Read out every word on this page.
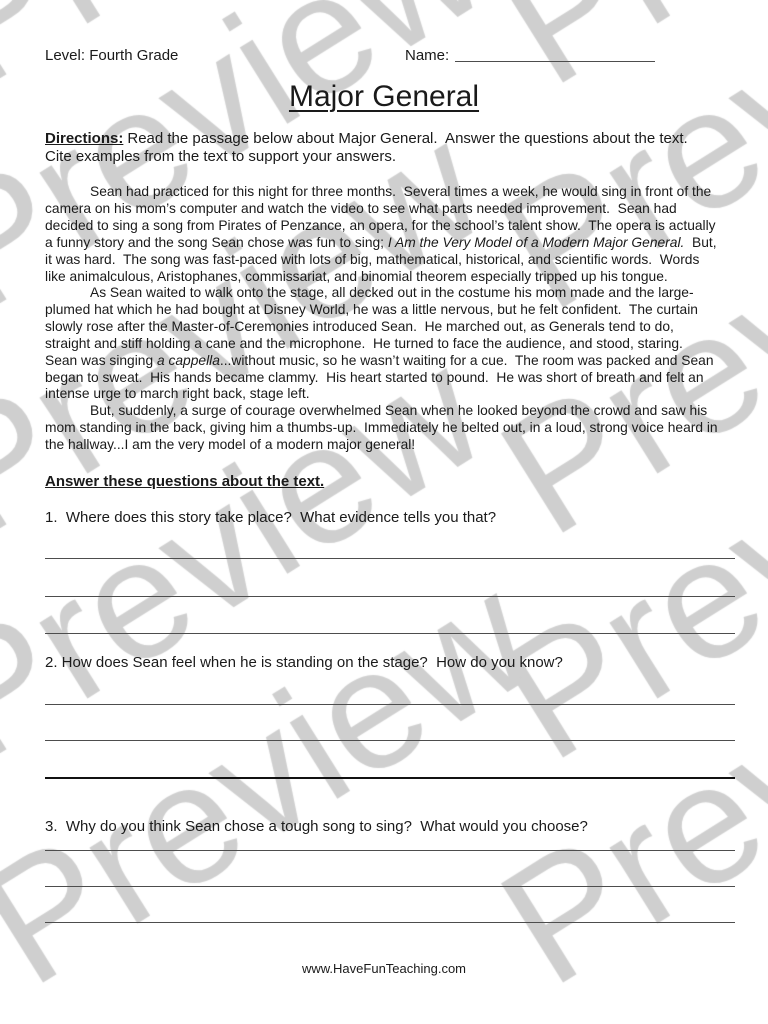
Level: Fourth Grade	Name:
Major General
Directions: Read the passage below about Major General.  Answer the questions about the text.
Cite examples from the text to support your answers.
Sean had practiced for this night for three months.  Several times a week, he would sing in front of the
camera on his mom’s computer and watch the video to see what parts needed improvement.  Sean had
decided to sing a song from Pirates of Penzance, an opera, for the school’s talent show.  The opera is actually
a funny story and the song Sean chose was fun to sing; I Am the Very Model of a Modern Major General.  But,
it was hard.  The song was fast-paced with lots of big, mathematical, historical, and scientific words.  Words
like animalculous, Aristophanes, commissariat, and binomial theorem especially tripped up his tongue.
As Sean waited to walk onto the stage, all decked out in the costume his mom made and the large-
plumed hat which he had bought at Disney World, he was a little nervous, but he felt confident.  The curtain
slowly rose after the Master-of-Ceremonies introduced Sean.  He marched out, as Generals tend to do,
straight and stiff holding a cane and the microphone.  He turned to face the audience, and stood, staring.
Sean was singing a cappella...without music, so he wasn’t waiting for a cue.  The room was packed and Sean
began to sweat.  His hands became clammy.  His heart started to pound.  He was short of breath and felt an
intense urge to march right back, stage left.
But, suddenly, a surge of courage overwhelmed Sean when he looked beyond the crowd and saw his
mom standing in the back, giving him a thumbs-up.  Immediately he belted out, in a loud, strong voice heard in
the hallway...I am the very model of a modern major general!
Answer these questions about the text.
1.  Where does this story take place?  What evidence tells you that?
2. How does Sean feel when he is standing on the stage?  How do you know?
3.  Why do you think Sean chose a tough song to sing?  What would you choose?
www.HaveFunTeaching.com
